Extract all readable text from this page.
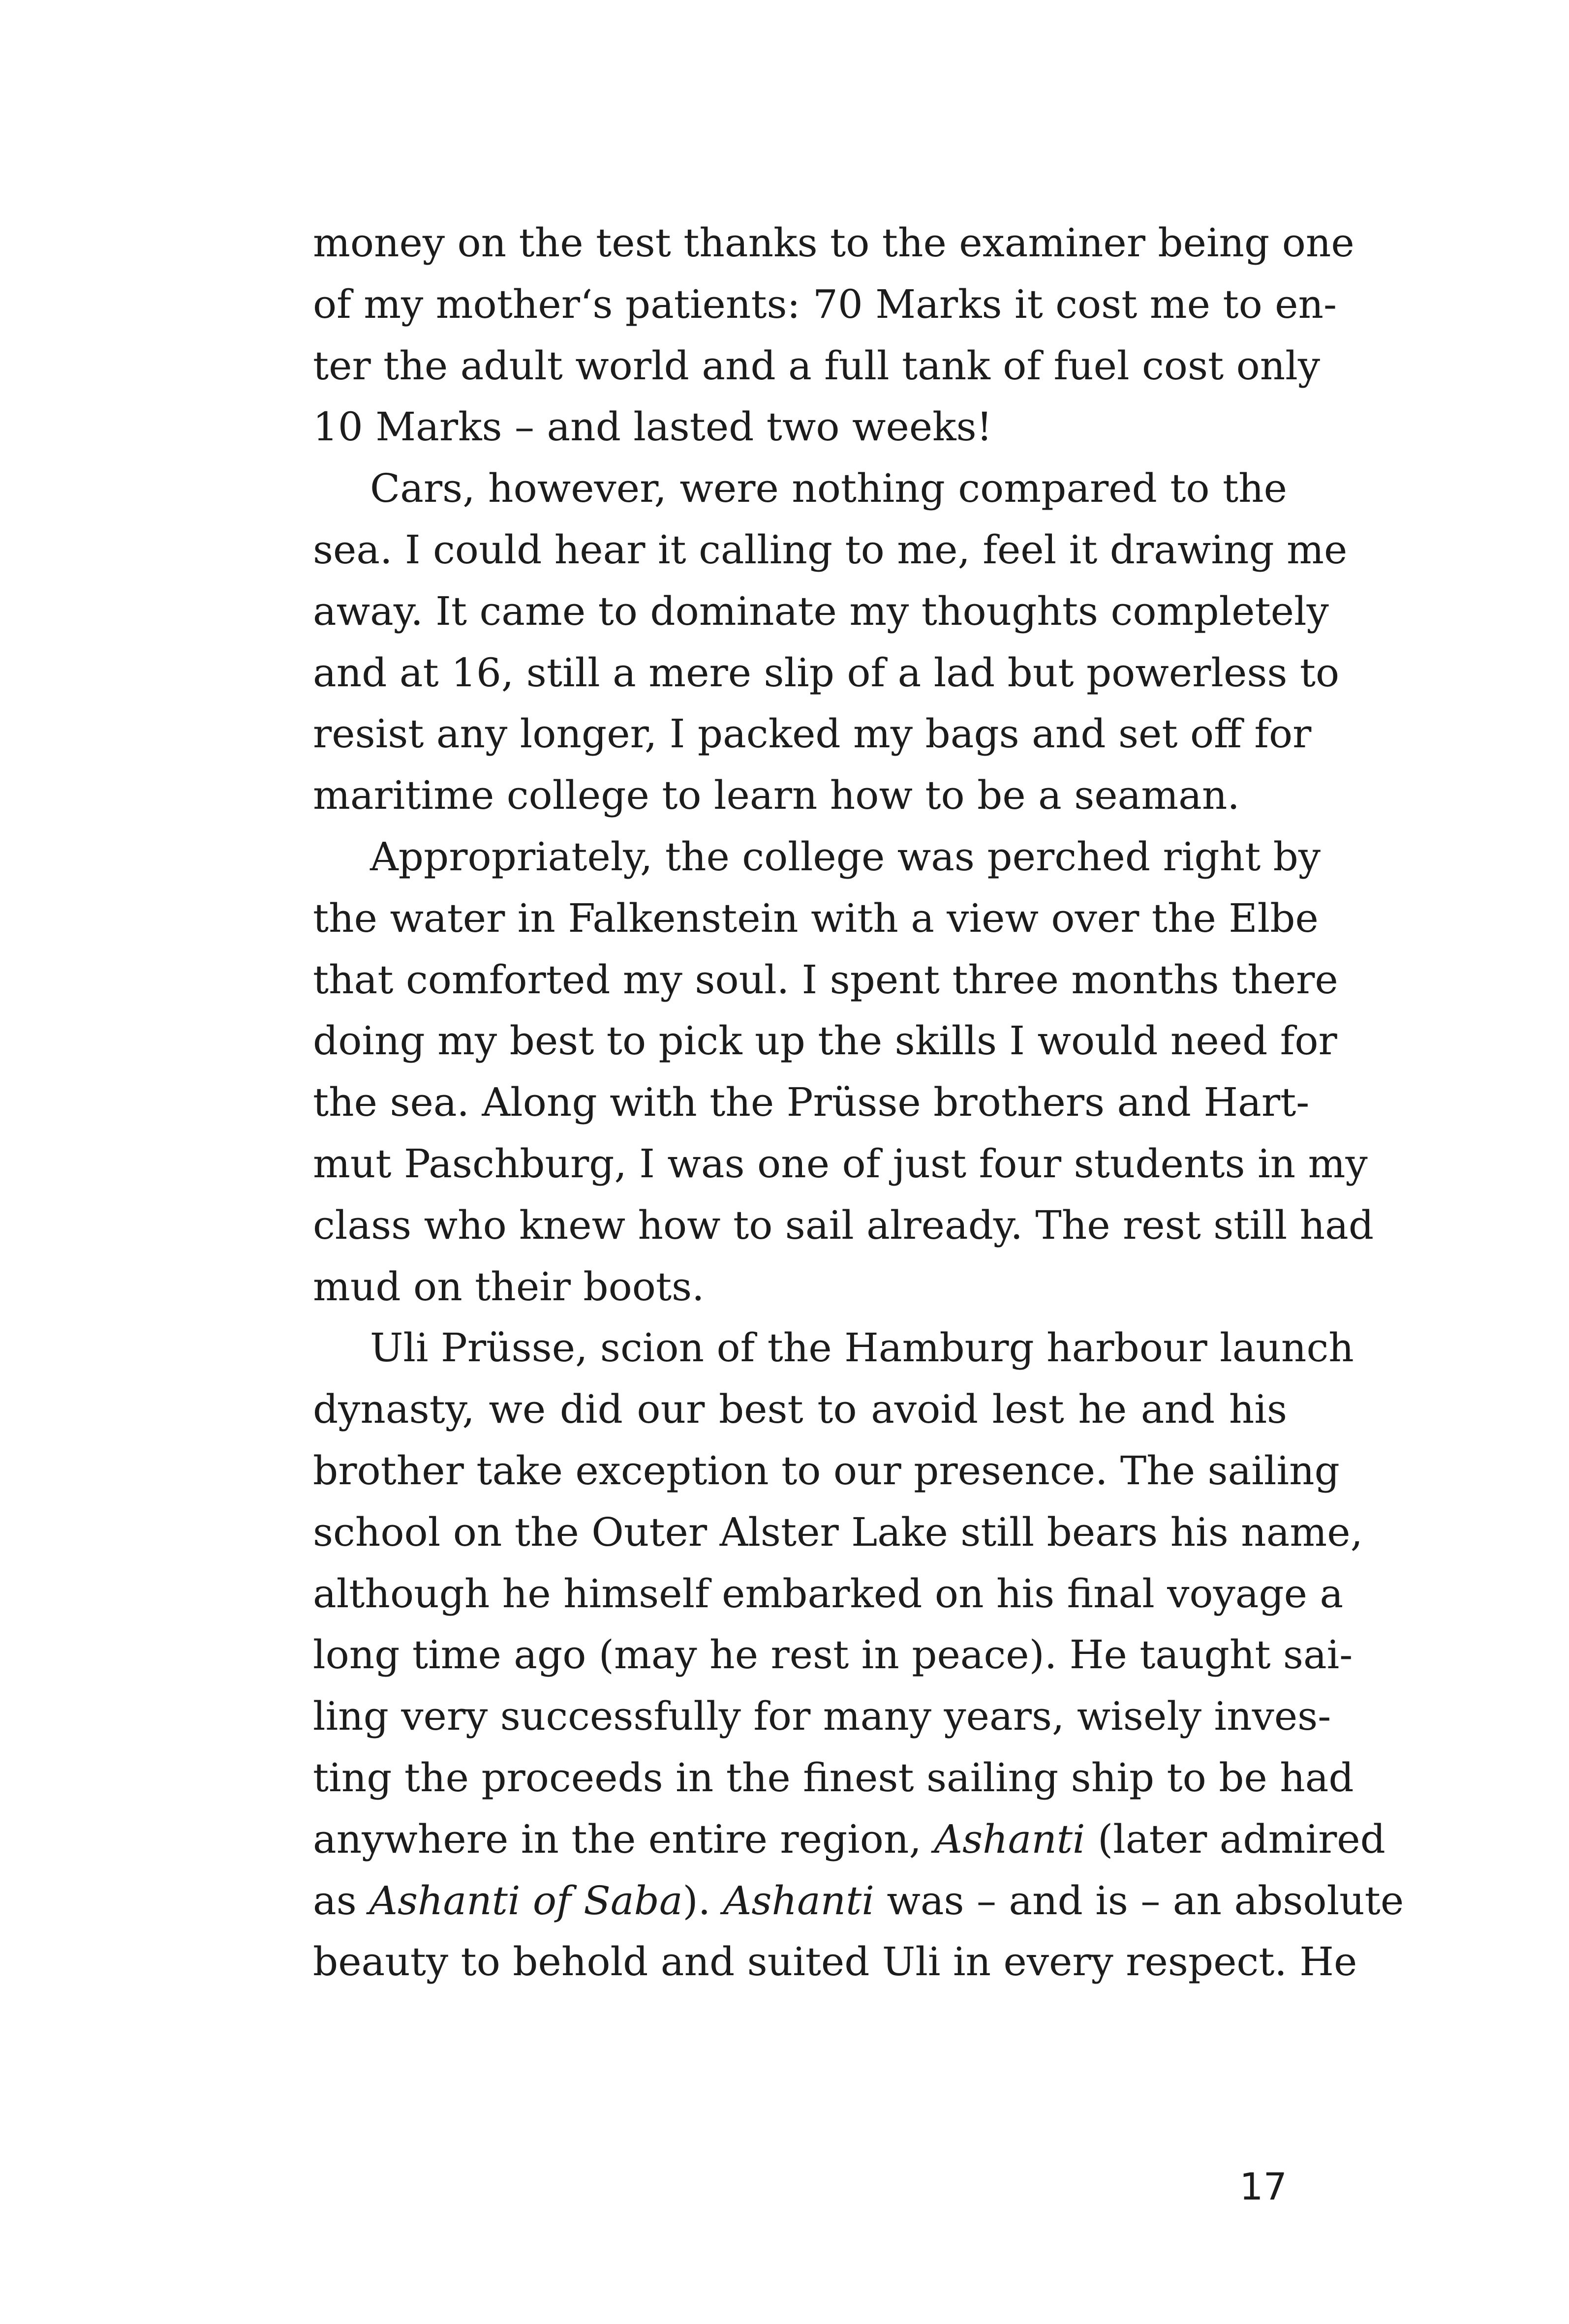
money on the test thanks to the examiner being one
of my mother‘s patients: 70 Marks it cost me to en-
ter the adult world and a full tank of fuel cost only
10 Marks – and lasted two weeks!
Cars, however, were nothing compared to the
sea. I could hear it calling to me, feel it drawing me
away. It came to dominate my thoughts completely
and at 16, still a mere slip of a lad but powerless to
resist any longer, I packed my bags and set off for
maritime college to learn how to be a seaman.
Appropriately, the college was perched right by
the water in Falkenstein with a view over the Elbe
that comforted my soul. I spent three months there
doing my best to pick up the skills I would need for
the sea. Along with the Prüsse brothers and Hart-
mut Paschburg, I was one of just four students in my
class who knew how to sail already. The rest still had
mud on their boots.
Uli Prüsse, scion of the Hamburg harbour launch
dynasty, we did our best to avoid lest he and his
brother take exception to our presence. The sailing
school on the Outer Alster Lake still bears his name,
although he himself embarked on his final voyage a
long time ago (may he rest in peace). He taught sai-
ling very successfully for many years, wisely inves-
ting the proceeds in the finest sailing ship to be had
anywhere in the entire region, Ashanti (later admired
as Ashanti of Saba). Ashanti was – and is – an absolute
beauty to behold and suited Uli in every respect. He
17
